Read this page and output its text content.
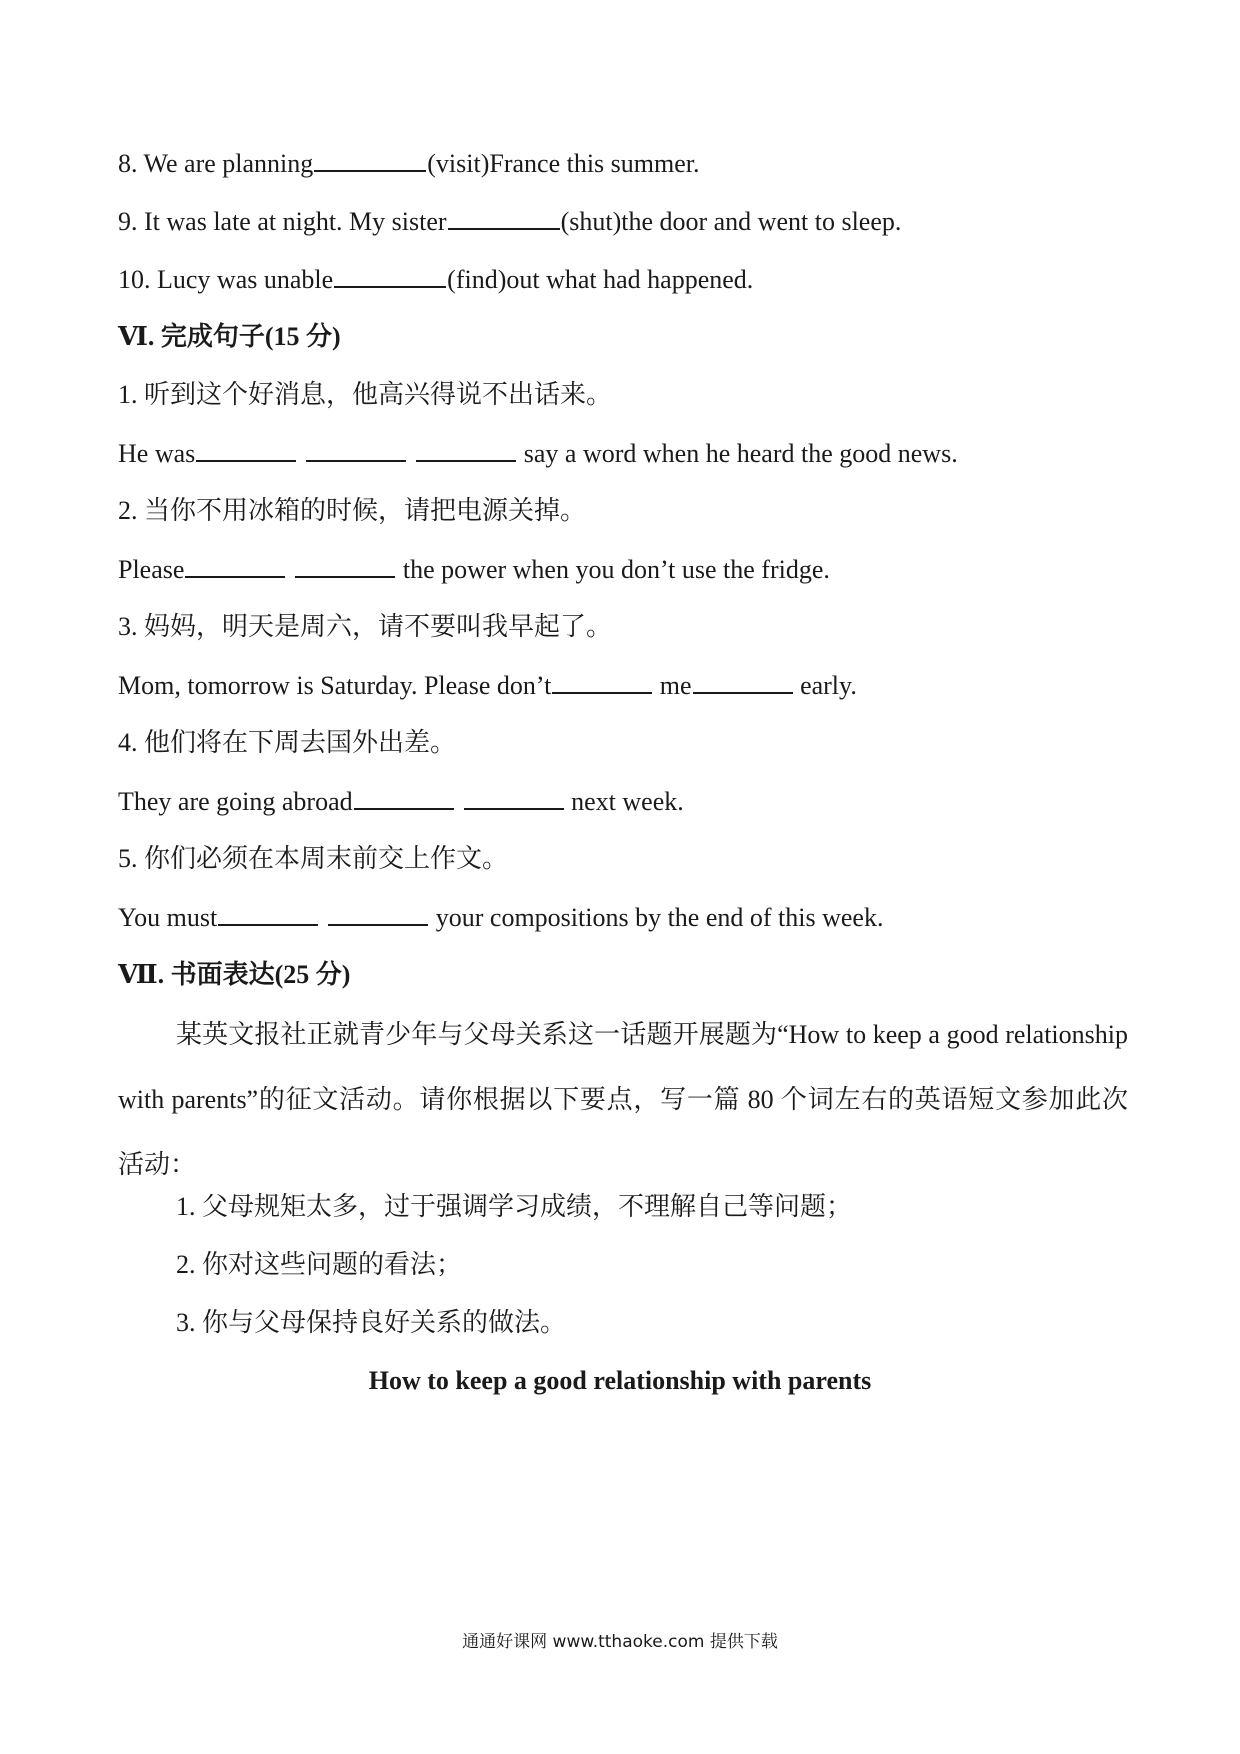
8. We are planning	(visit)France this summer.
9. It was late at night. My sister	(shut)the door and went to sleep.
10. Lucy was unable	(find)out what had happened.
Ⅵ. 完成句子(15 分)
1. 听到这个好消息，他高兴得说不出话来。
He was	say a word when he heard the good news.
2. 当你不用冰箱的时候，请把电源关掉。
Please	the power when you don’t use the fridge.
3. 妈妈，明天是周六，请不要叫我早起了。
Mom, tomorrow is Saturday. Please don’t	me	early.
4. 他们将在下周去国外出差。
They are going abroad	next week.
5. 你们必须在本周末前交上作文。
You must	your compositions by the end of this week.
Ⅶ. 书面表达(25 分)
某英文报社正就青少年与父母关系这一话题开展题为“How to keep a good relationship with parents”的征文活动。请你根据以下要点，写一篇 80 个词左右的英语短文参加此次活动：
1. 父母规矩太多，过于强调学习成绩，不理解自己等问题；
2. 你对这些问题的看法；
3. 你与父母保持良好关系的做法。
How to keep a good relationship with parents
通通好课网 www.tthaoke.com 提供下载
